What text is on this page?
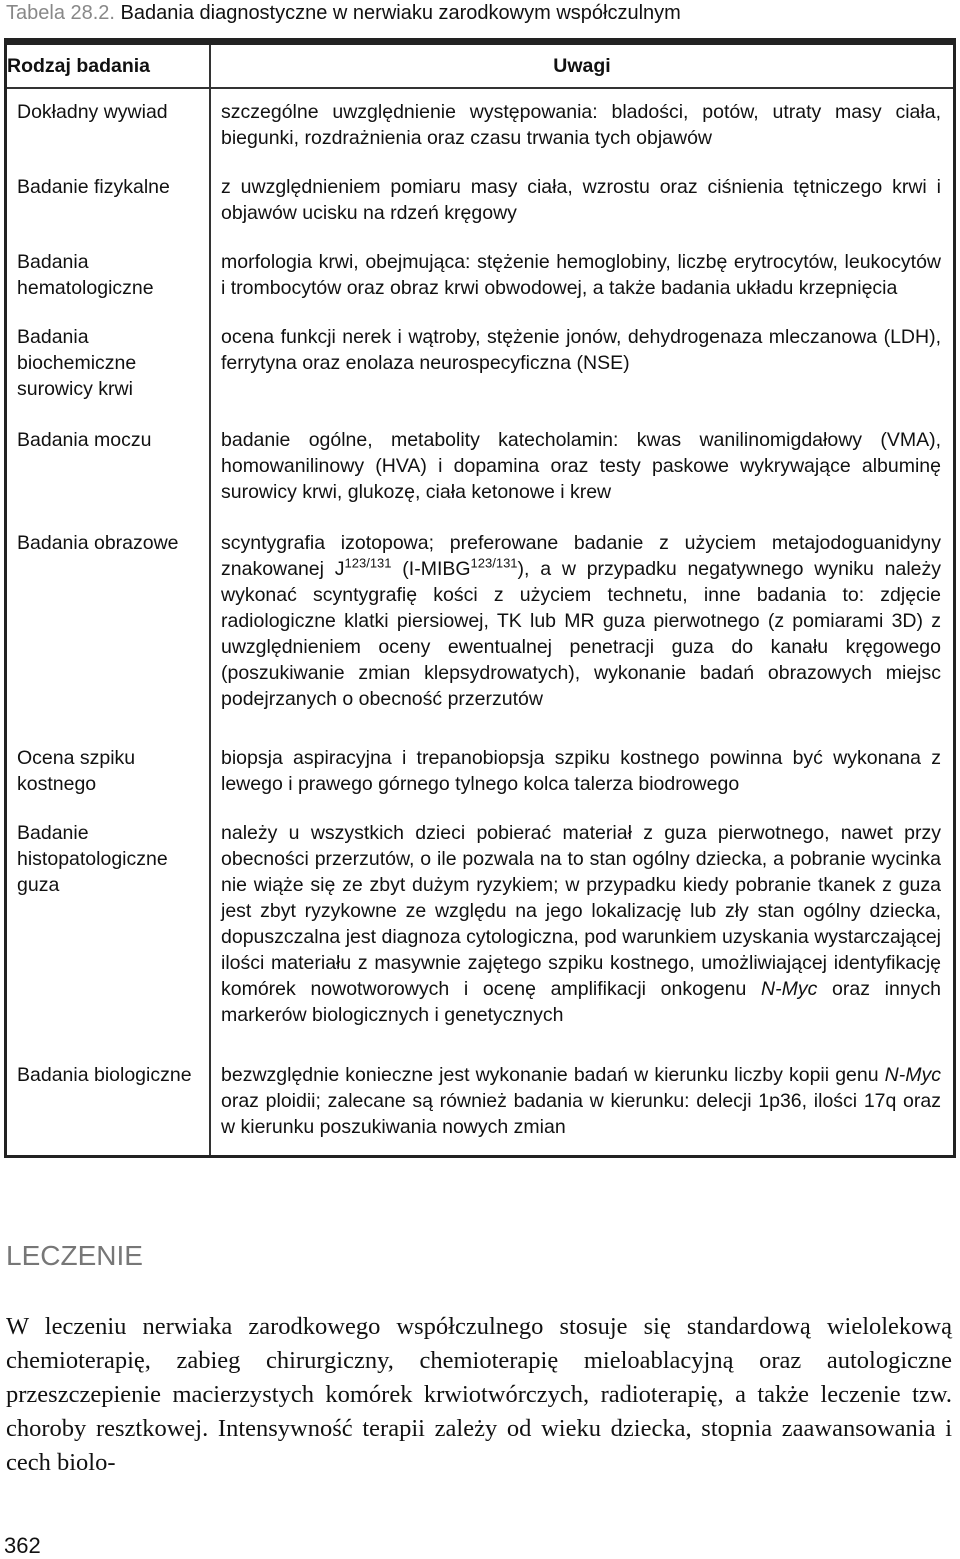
Tabela 28.2. Badania diagnostyczne w nerwiaku zarodkowym współczulnym
Rodzaj badania	Uwagi
Dokładny wywiad	szczególne uwzględnienie występowania: bladości, potów, utraty masy ciała, biegunki, rozdrażnienia oraz czasu trwania tych objawów
Badanie fizykalne	z uwzględnieniem pomiaru masy ciała, wzrostu oraz ciśnienia tętniczego krwi i objawów ucisku na rdzeń kręgowy
Badania hematologiczne	morfologia krwi, obejmująca: stężenie hemoglobiny, liczbę erytrocytów, leukocytów i trombocytów oraz obraz krwi obwodowej, a także badania układu krzepnięcia
Badania biochemiczne surowicy krwi	ocena funkcji nerek i wątroby, stężenie jonów, dehydrogenaza mleczanowa (LDH), ferrytyna oraz enolaza neurospecyficzna (NSE)
Badania moczu	badanie ogólne, metabolity katecholamin: kwas wanilinomigdałowy (VMA), homowanilinowy (HVA) i dopamina oraz testy paskowe wykrywające albuminę surowicy krwi, glukozę, ciała ketonowe i krew
Badania obrazowe	scyntygrafia izotopowa; preferowane badanie z użyciem metajodoguanidyny znakowanej $J^{123/131}$ $(I-MIBG^{123/131})$, a w przypadku negatywnego wyniku należy wykonać scyntygrafię kości z użyciem technetu, inne badania to: zdjęcie radiologiczne klatki piersiowej, TK lub MR guza pierwotnego (z pomiarami 3D) z uwzględnieniem oceny ewentualnej penetracji guza do kanału kręgowego (poszukiwanie zmian klepsydrowatych), wykonanie badań obrazowych miejsc podejrzanych o obecność przerzutów
Ocena szpiku kostnego	biopsja aspiracyjna i trepanobiopsja szpiku kostnego powinna być wykonana z lewego i prawego górnego tylnego kolca talerza biodrowego
Badanie histopatologiczne guza	należy u wszystkich dzieci pobierać materiał z guza pierwotnego, nawet przy obecności przerzutów, o ile pozwala na to stan ogólny dziecka, a pobranie wycinka nie wiąże się ze zbyt dużym ryzykiem; w przypadku kiedy pobranie tkanek z guza jest zbyt ryzykowne ze względu na jego lokalizację lub zły stan ogólny dziecka, dopuszczalna jest diagnoza cytologiczna, pod warunkiem uzyskania wystarczającej ilości materiału z masywnie zajętego szpiku kostnego, umożliwiającej identyfikację komórek nowotworowych i ocenę amplifikacji onkogenu N-Myc oraz innych markerów biologicznych i genetycznych
Badania biologiczne	bezwzględnie konieczne jest wykonanie badań w kierunku liczby kopii genu N-Myc oraz ploidii; zalecane są również badania w kierunku: delecji 1p36, ilości 17q oraz w kierunku poszukiwania nowych zmian
LECZENIE
W leczeniu nerwiaka zarodkowego współczulnego stosuje się standardową wielolekową chemioterapię, zabieg chirurgiczny, chemioterapię mieloablacyjną oraz autologiczne przeszczepienie macierzystych komórek krwiotwórczych, radioterapię, a także leczenie tzw. choroby resztkowej. Intensywność terapii zależy od wieku dziecka, stopnia zaawansowania i cech biolo-
362
